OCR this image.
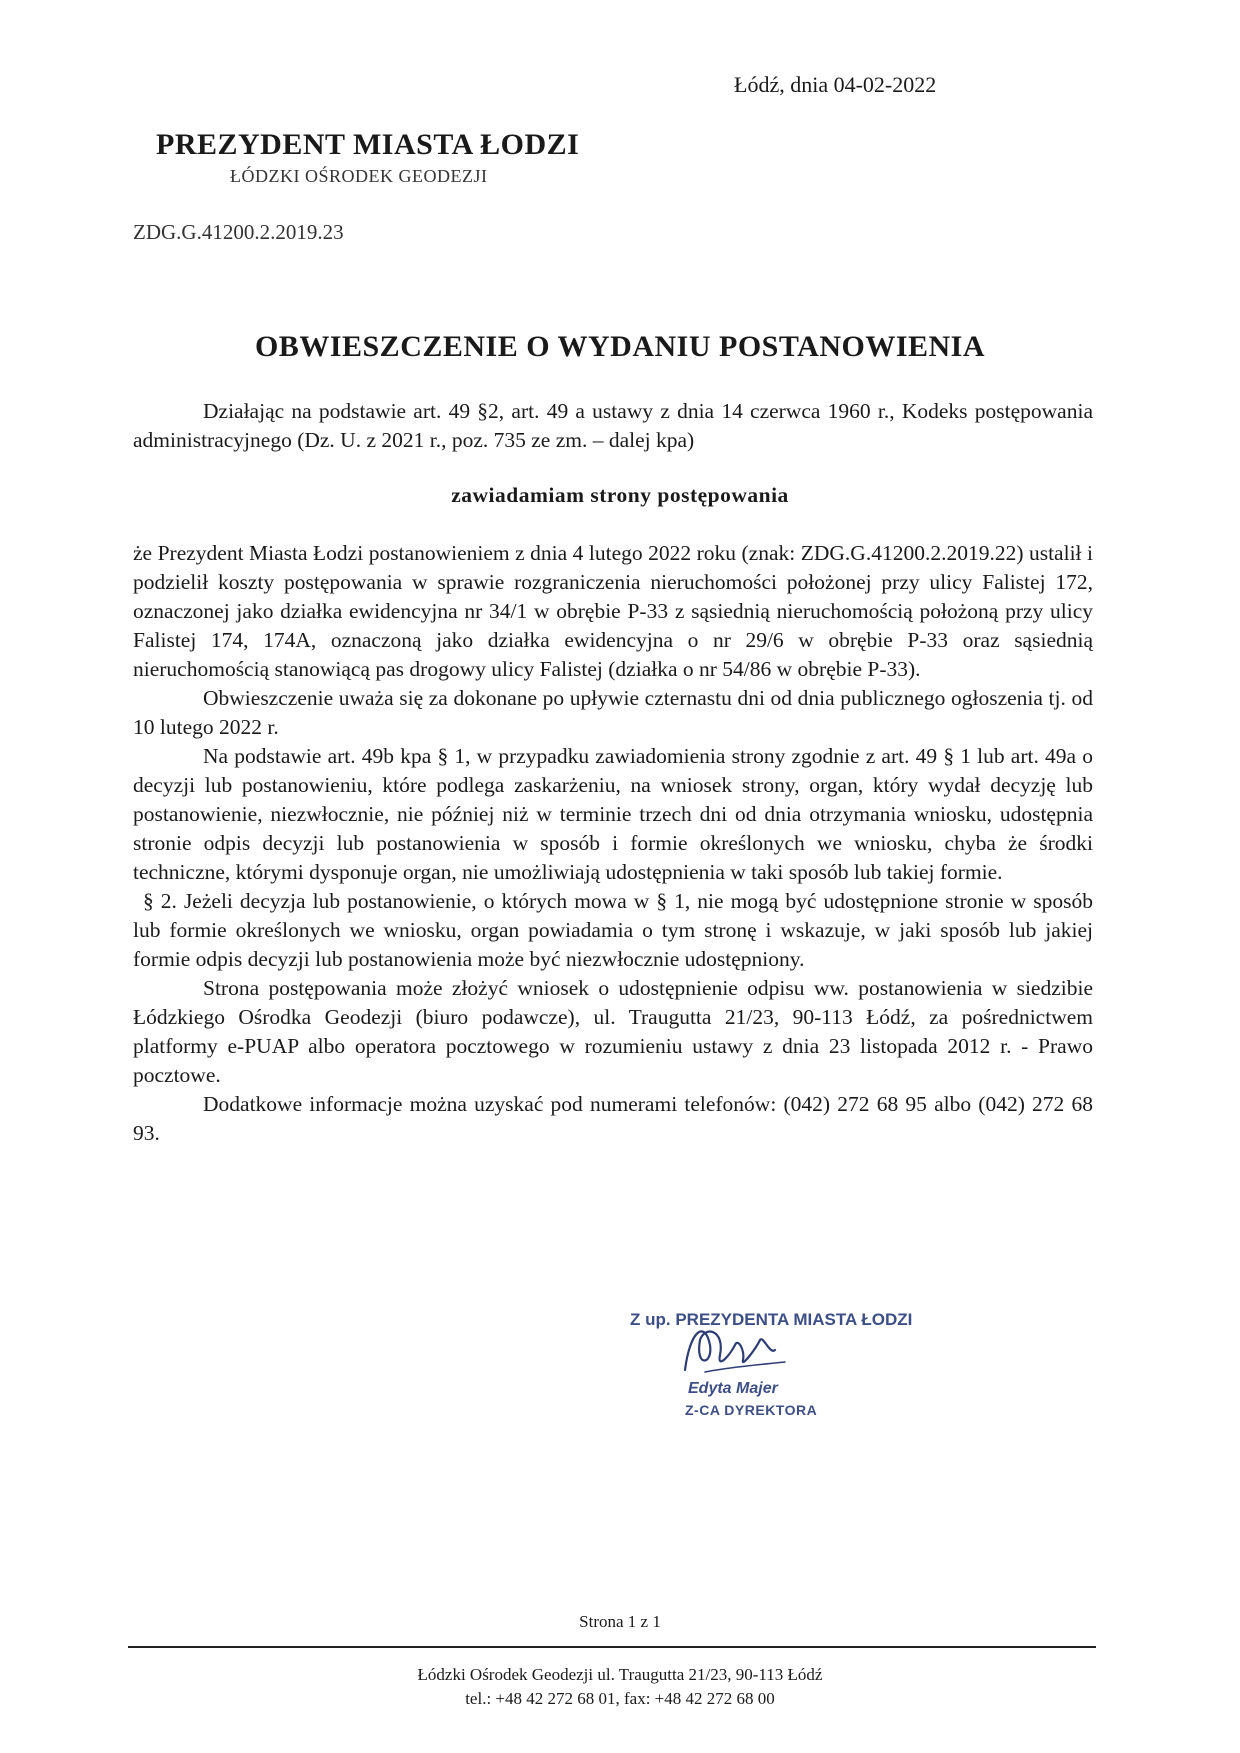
Łódź, dnia 04-02-2022
PREZYDENT MIASTA ŁODZI
ŁÓDZKI OŚRODEK GEODEZJI
ZDG.G.41200.2.2019.23
OBWIESZCZENIE O WYDANIU POSTANOWIENIA

Działając na podstawie art. 49 §2, art. 49 a ustawy z dnia 14 czerwca 1960 r., Kodeks postępowania administracyjnego (Dz. U. z 2021 r., poz. 735 ze zm. – dalej kpa)

zawiadamiam strony postępowania

że Prezydent Miasta Łodzi postanowieniem z dnia 4 lutego 2022 roku (znak: ZDG.G.41200.2.2019.22) ustalił i podzielił koszty postępowania w sprawie rozgraniczenia nieruchomości położonej przy ulicy Falistej 172, oznaczonej jako działka ewidencyjna nr 34/1 w obrębie P-33 z sąsiednią nieruchomością położoną przy ulicy Falistej 174, 174A, oznaczoną jako działka ewidencyjna o nr 29/6 w obrębie P-33 oraz sąsiednią nieruchomością stanowiącą pas drogowy ulicy Falistej (działka o nr 54/86 w obrębie P-33).

Obwieszczenie uważa się za dokonane po upływie czternastu dni od dnia publicznego ogłoszenia tj. od 10 lutego 2022 r.

Na podstawie art. 49b kpa § 1, w przypadku zawiadomienia strony zgodnie z art. 49 § 1 lub art. 49a o decyzji lub postanowieniu, które podlega zaskarżeniu, na wniosek strony, organ, który wydał decyzję lub postanowienie, niezwłocznie, nie później niż w terminie trzech dni od dnia otrzymania wniosku, udostępnia stronie odpis decyzji lub postanowienia w sposób i formie określonych we wniosku, chyba że środki techniczne, którymi dysponuje organ, nie umożliwiają udostępnienia w taki sposób lub takiej formie.

§ 2. Jeżeli decyzja lub postanowienie, o których mowa w § 1, nie mogą być udostępnione stronie w sposób lub formie określonych we wniosku, organ powiadamia o tym stronę i wskazuje, w jaki sposób lub jakiej formie odpis decyzji lub postanowienia może być niezwłocznie udostępniony.

Strona postępowania może złożyć wniosek o udostępnienie odpisu ww. postanowienia w siedzibie Łódzkiego Ośrodka Geodezji (biuro podawcze), ul. Traugutta 21/23, 90-113 Łódź, za pośrednictwem platformy e-PUAP albo operatora pocztowego w rozumieniu ustawy z dnia 23 listopada 2012 r. - Prawo pocztowe.

Dodatkowe informacje można uzyskać pod numerami telefonów: (042) 272 68 95 albo (042) 272 68 93.

Z up. PREZYDENTA MIASTA ŁODZI
Edyta Majer
Z-CA DYREKTORA
Strona 1 z 1
Łódzki Ośrodek Geodezji ul. Traugutta 21/23, 90-113 Łódź
tel.: +48 42 272 68 01, fax: +48 42 272 68 00
